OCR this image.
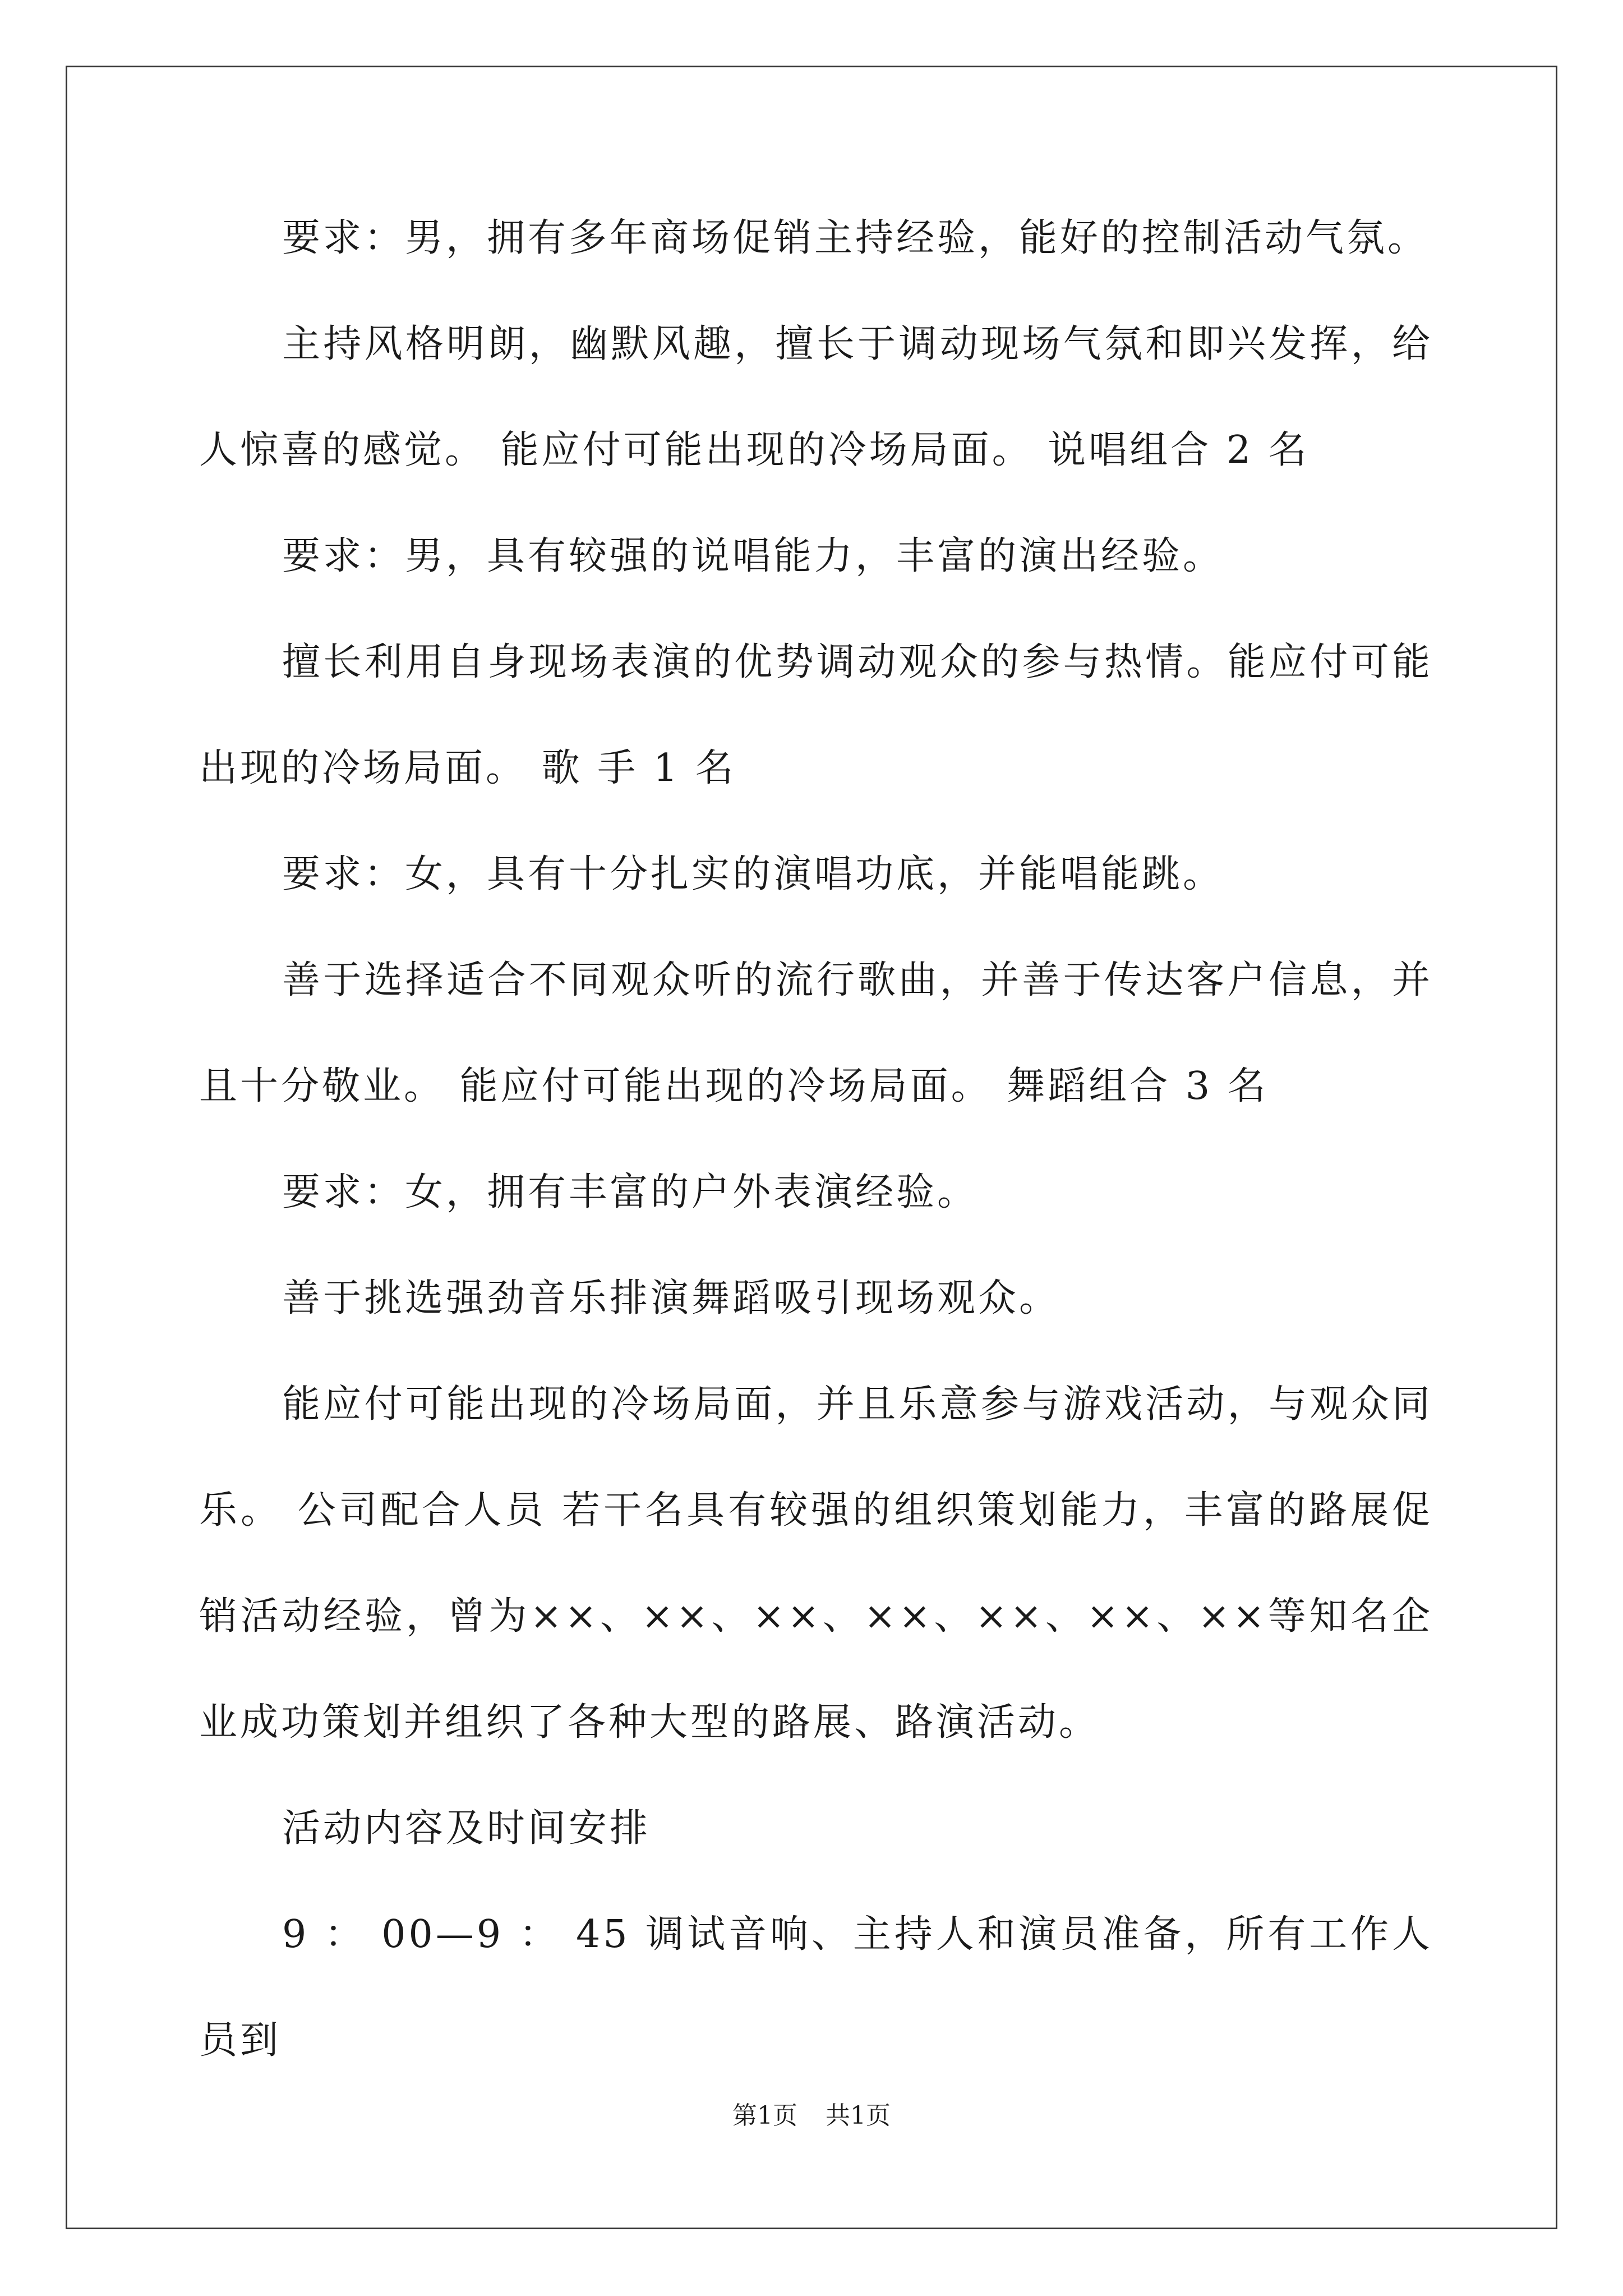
要求：男，拥有多年商场促销主持经验，能好的控制活动气氛。

主持风格明朗，幽默风趣，擅长于调动现场气氛和即兴发挥，给人惊喜的感觉。 能应付可能出现的冷场局面。 说唱组合 2 名

要求：男，具有较强的说唱能力，丰富的演出经验。

擅长利用自身现场表演的优势调动观众的参与热情。能应付可能出现的冷场局面。 歌 手 1 名

要求：女，具有十分扎实的演唱功底，并能唱能跳。

善于选择适合不同观众听的流行歌曲，并善于传达客户信息，并且十分敬业。 能应付可能出现的冷场局面。 舞蹈组合 3 名

要求：女，拥有丰富的户外表演经验。

善于挑选强劲音乐排演舞蹈吸引现场观众。

能应付可能出现的冷场局面，并且乐意参与游戏活动，与观众同乐。 公司配合人员 若干名具有较强的组织策划能力，丰富的路展促销活动经验，曾为××、××、××、××、××、××、××等知名企业成功策划并组织了各种大型的路展、路演活动。

活动内容及时间安排

9 ： 00—9 ： 45 调试音响、主持人和演员准备，所有工作人员到

第1页 共1页
